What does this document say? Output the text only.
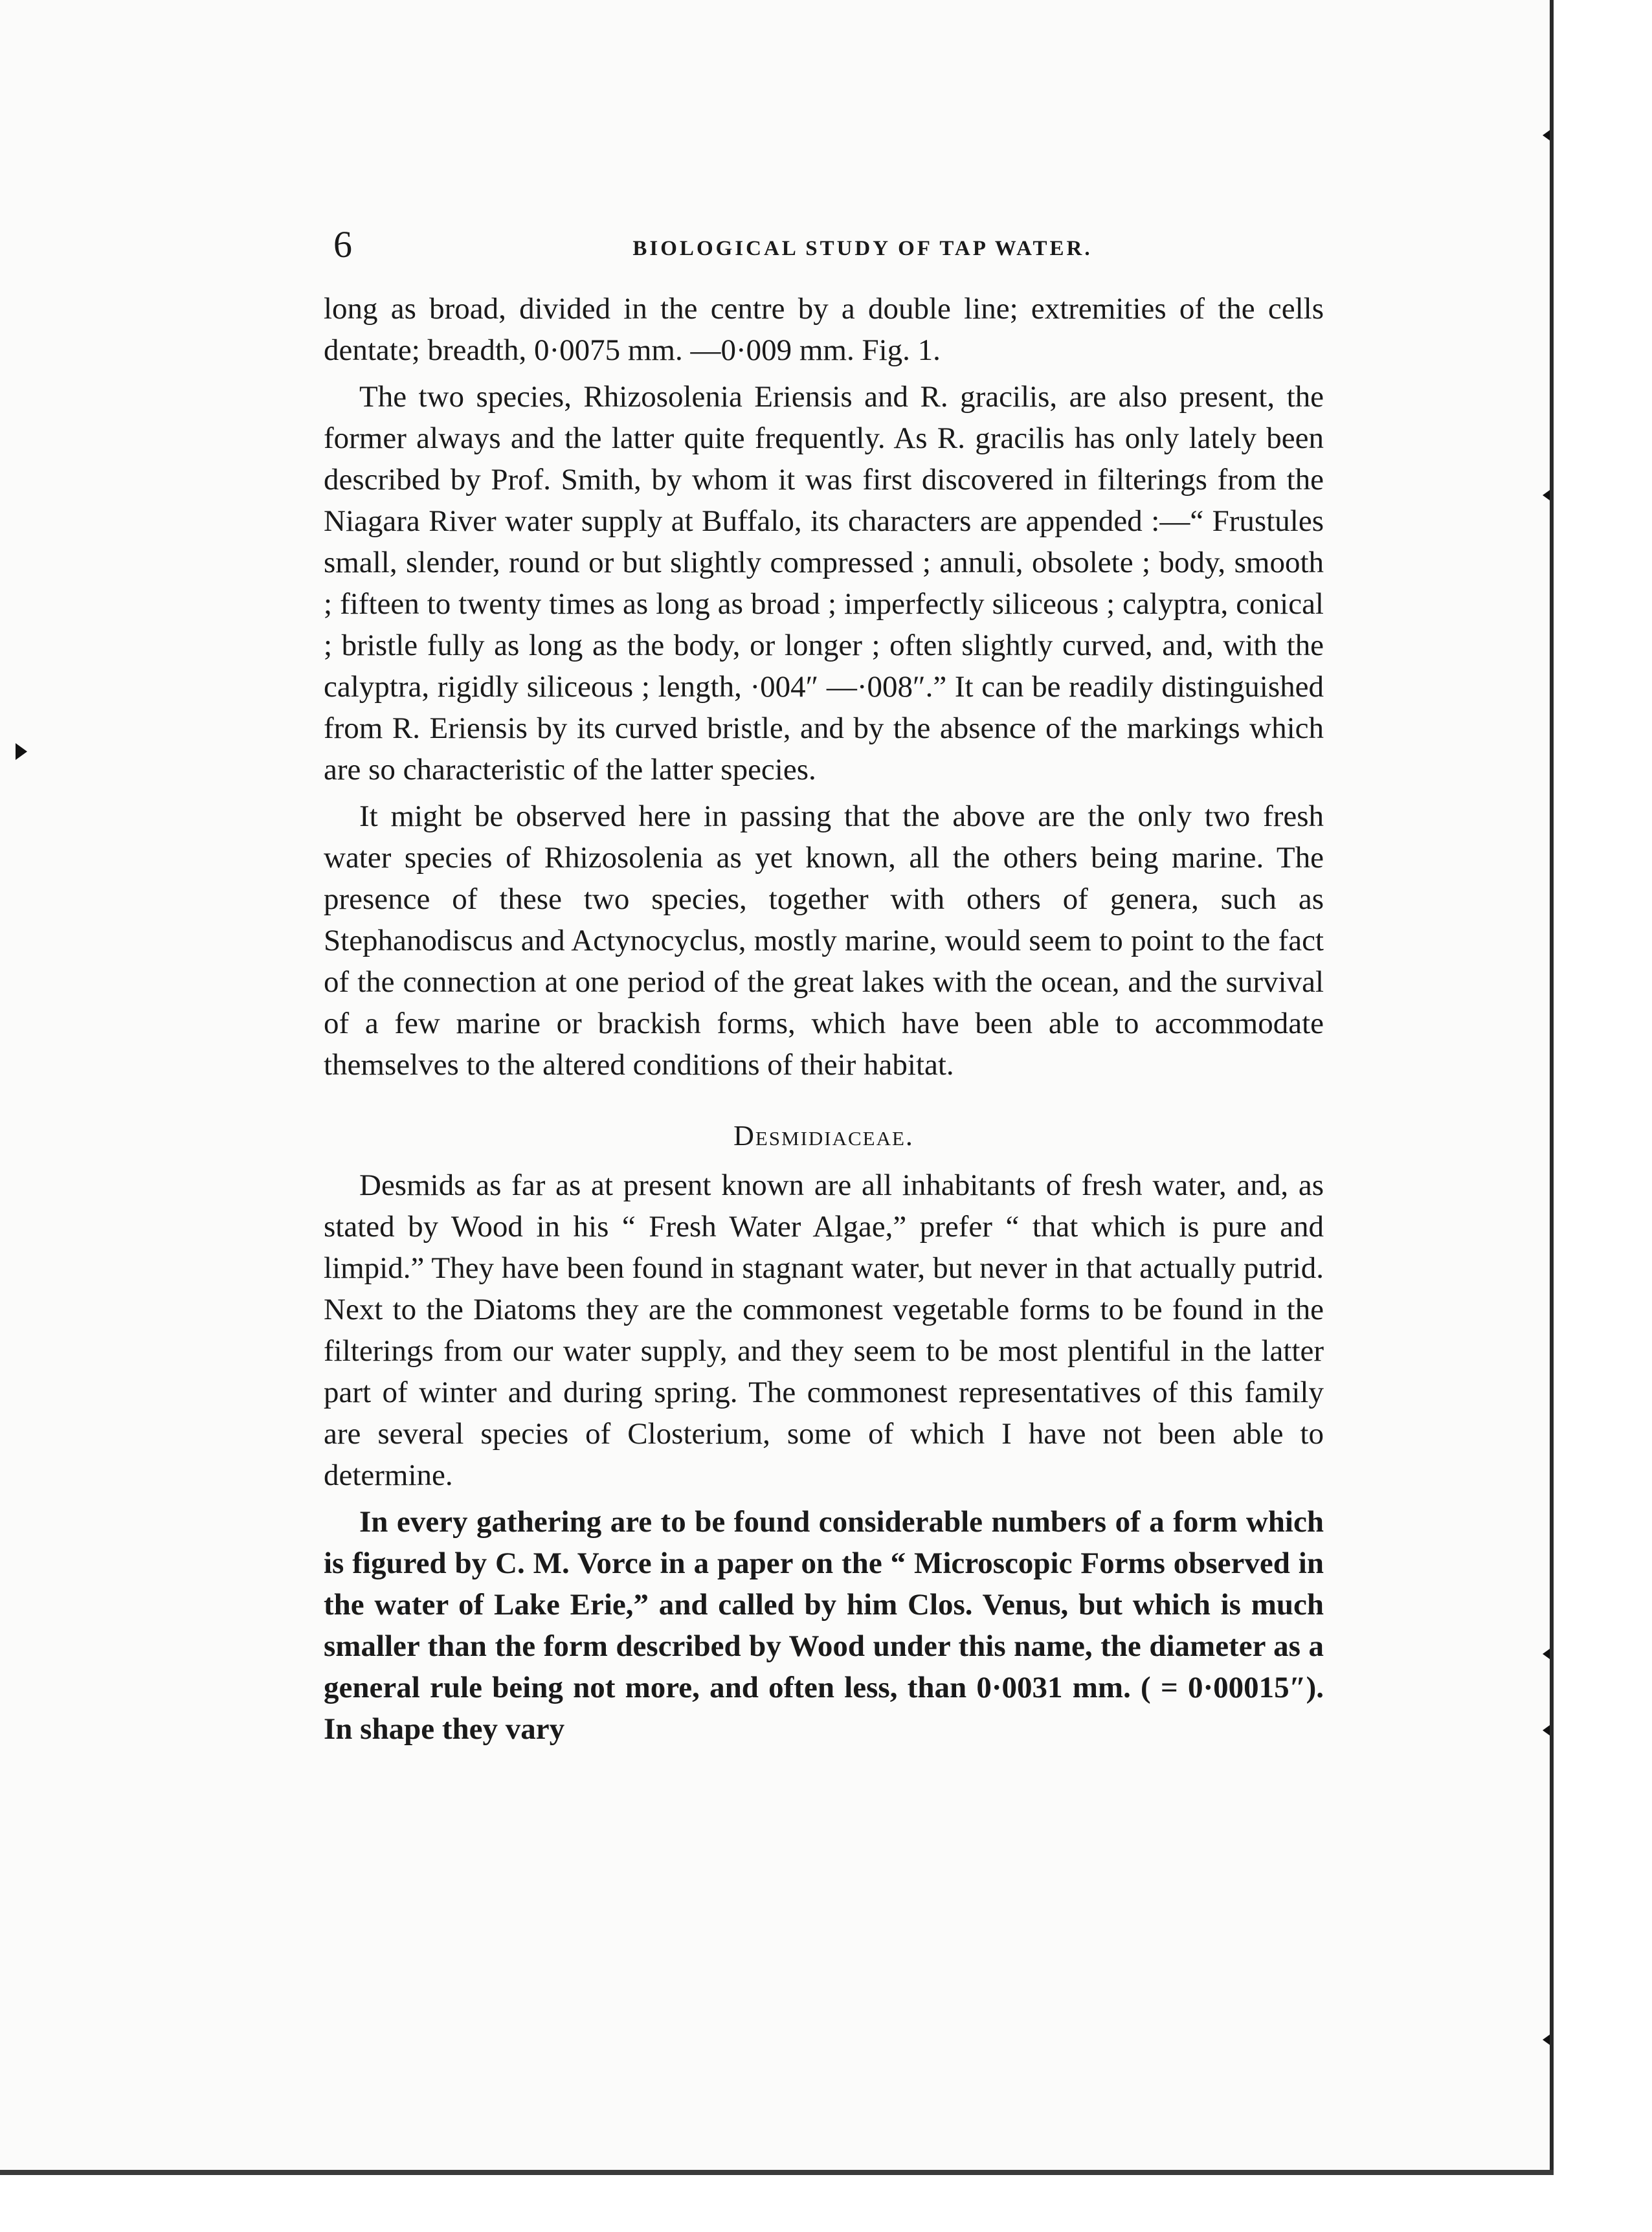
6	BIOLOGICAL STUDY OF TAP WATER.

long as broad, divided in the centre by a double line; extremities of the cells dentate; breadth, 0·0075 mm. —0·009 mm. Fig. 1.

The two species, Rhizosolenia Eriensis and R. gracilis, are also present, the former always and the latter quite frequently. As R. gracilis has only lately been described by Prof. Smith, by whom it was first discovered in filterings from the Niagara River water supply at Buffalo, its characters are appended :—“ Frustules small, slender, round or but slightly compressed ; annuli, obsolete ; body, smooth ; fifteen to twenty times as long as broad ; imperfectly siliceous ; calyptra, conical ; bristle fully as long as the body, or longer ; often slightly curved, and, with the calyptra, rigidly siliceous ; length, ·004″ —·008″.” It can be readily distinguished from R. Eriensis by its curved bristle, and by the absence of the markings which are so characteristic of the latter species.

It might be observed here in passing that the above are the only two fresh water species of Rhizosolenia as yet known, all the others being marine. The presence of these two species, together with others of genera, such as Stephanodiscus and Actynocyclus, mostly marine, would seem to point to the fact of the connection at one period of the great lakes with the ocean, and the survival of a few marine or brackish forms, which have been able to accommodate themselves to the altered conditions of their habitat.

Desmidiaceae.

Desmids as far as at present known are all inhabitants of fresh water, and, as stated by Wood in his “ Fresh Water Algae,” prefer “ that which is pure and limpid.” They have been found in stagnant water, but never in that actually putrid. Next to the Diatoms they are the commonest vegetable forms to be found in the filterings from our water supply, and they seem to be most plentiful in the latter part of winter and during spring. The commonest representatives of this family are several species of Closterium, some of which I have not been able to determine.

In every gathering are to be found considerable numbers of a form which is figured by C. M. Vorce in a paper on the “ Microscopic Forms observed in the water of Lake Erie,” and called by him Clos. Venus, but which is much smaller than the form described by Wood under this name, the diameter as a general rule being not more, and often less, than 0·0031 mm. ( = 0·00015″). In shape they vary
